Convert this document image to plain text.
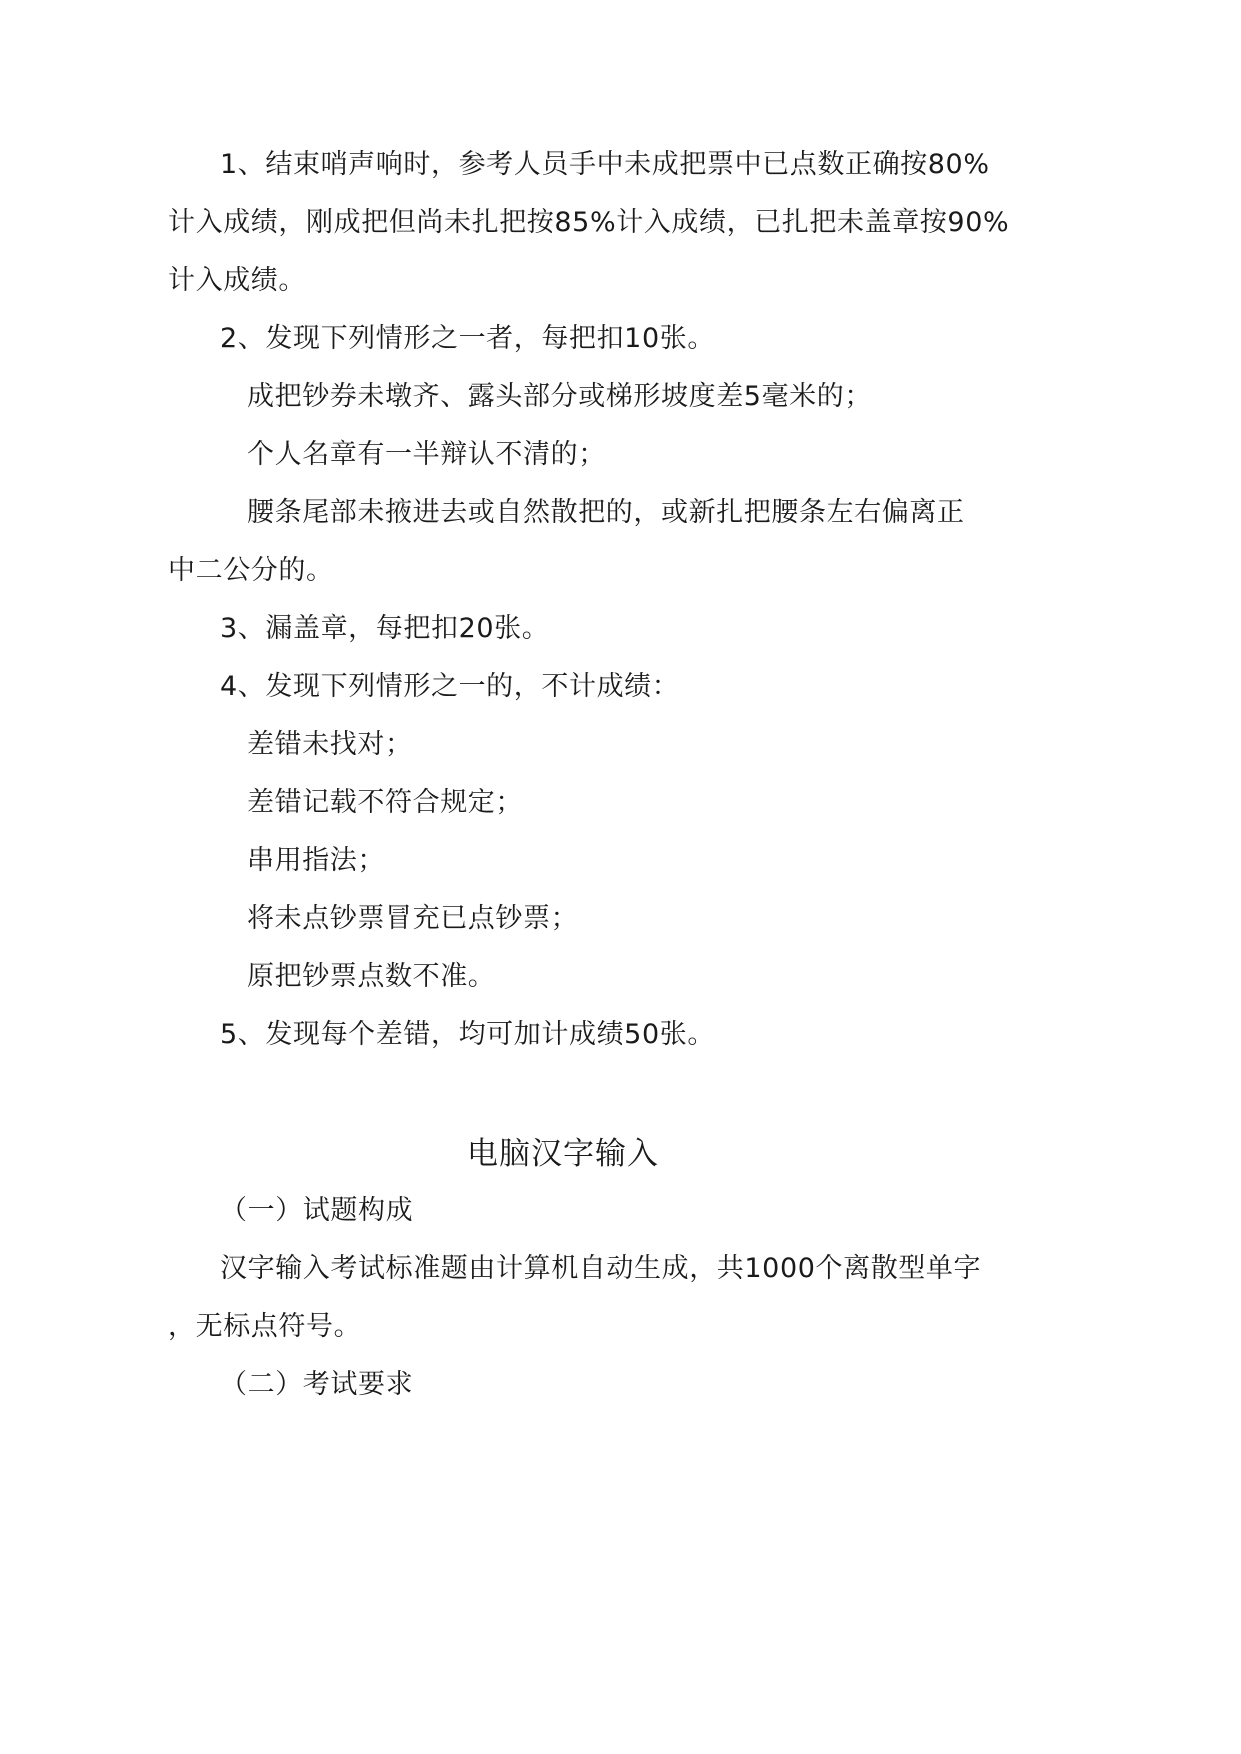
1、结束哨声响时，参考人员手中未成把票中已点数正确按80%
计入成绩，刚成把但尚未扎把按85%计入成绩，已扎把未盖章按90%
计入成绩。
2、发现下列情形之一者，每把扣10张。
成把钞券未墩齐、露头部分或梯形坡度差5毫米的；
个人名章有一半辩认不清的；
腰条尾部未掖进去或自然散把的，或新扎把腰条左右偏离正
中二公分的。
3、漏盖章，每把扣20张。
4、发现下列情形之一的，不计成绩：
差错未找对；
差错记载不符合规定；
串用指法；
将未点钞票冒充已点钞票；
原把钞票点数不准。
5、发现每个差错，均可加计成绩50张。
电脑汉字输入
（一）试题构成
汉字输入考试标准题由计算机自动生成，共1000个离散型单字
，无标点符号。
（二）考试要求
